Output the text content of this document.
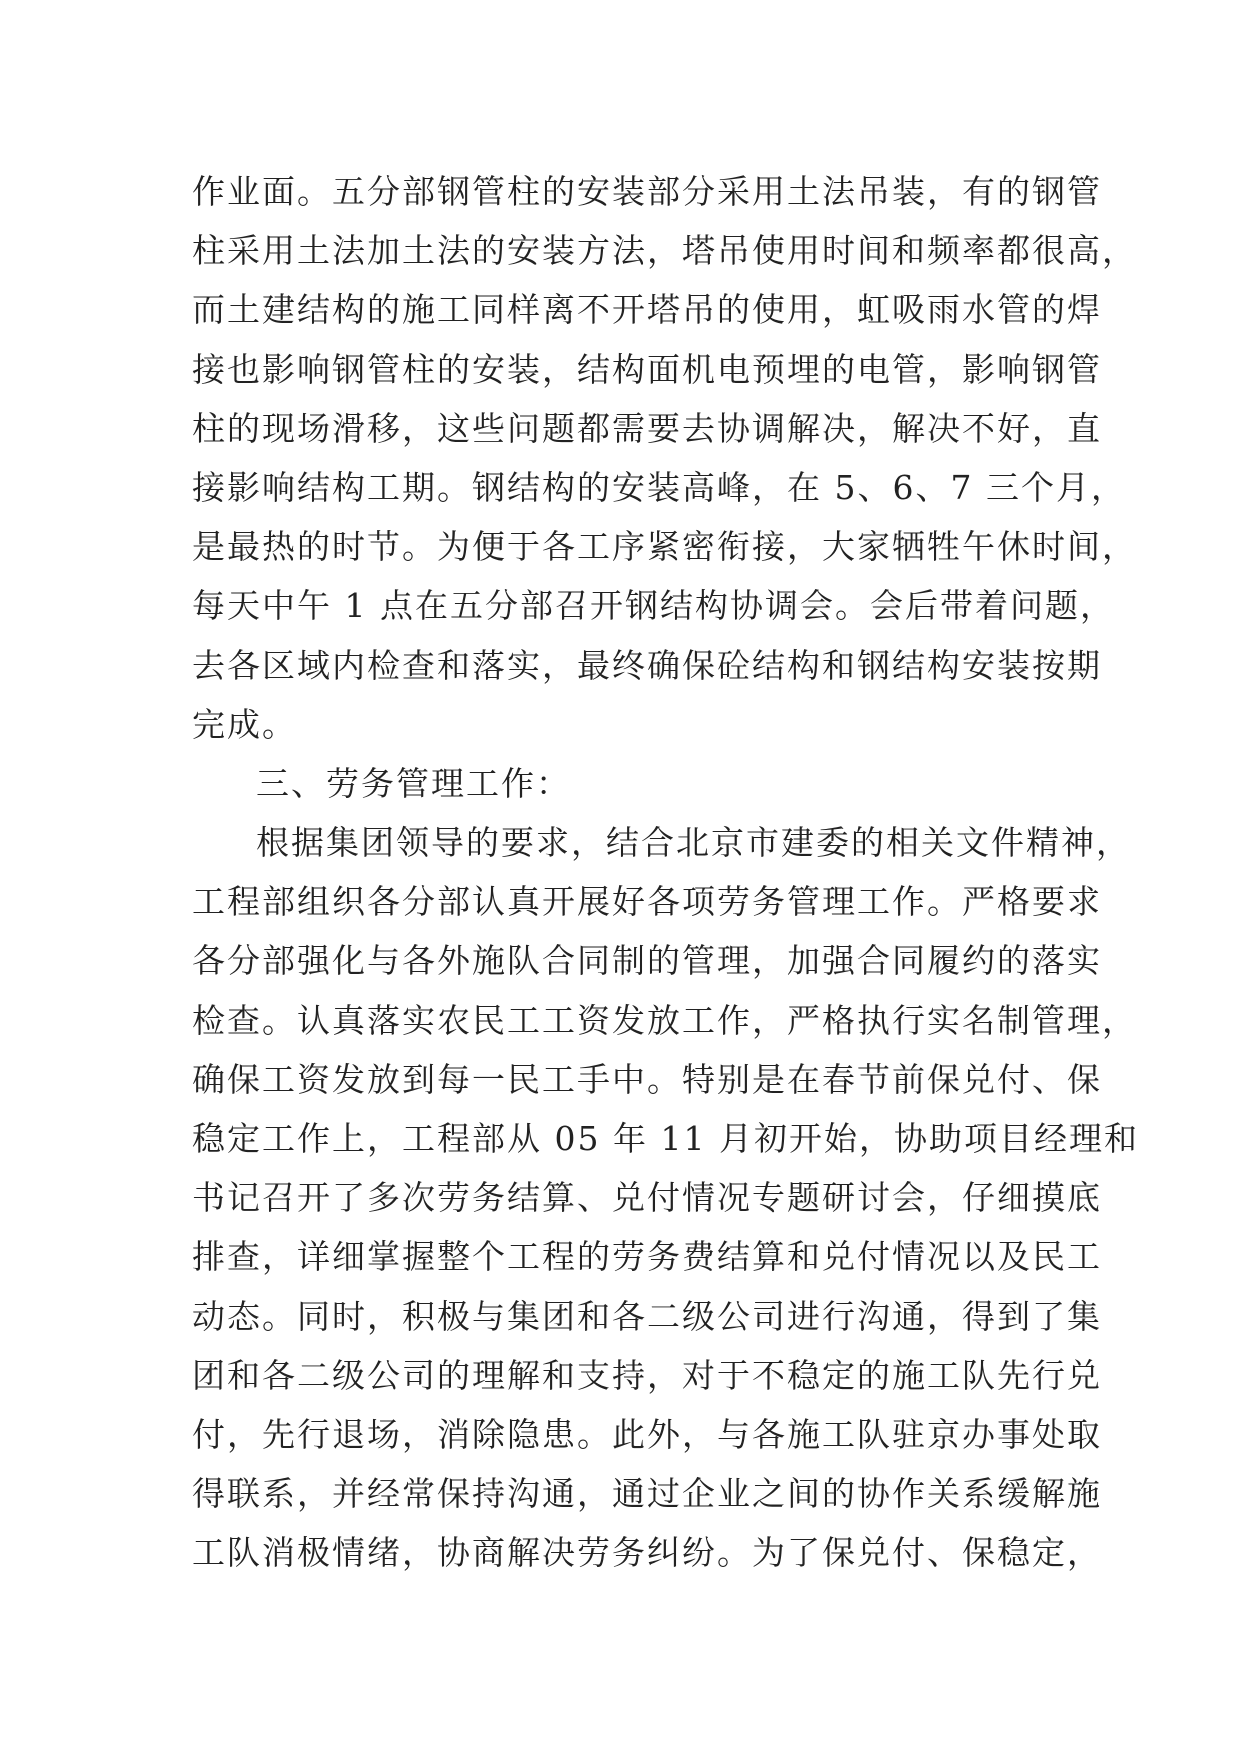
作业面。五分部钢管柱的安装部分采用土法吊装，有的钢管
柱采用土法加土法的安装方法，塔吊使用时间和频率都很高，
而土建结构的施工同样离不开塔吊的使用，虹吸雨水管的焊
接也影响钢管柱的安装，结构面机电预埋的电管，影响钢管
柱的现场滑移，这些问题都需要去协调解决，解决不好，直
接影响结构工期。钢结构的安装高峰，在 5、6、7 三个月，
是最热的时节。为便于各工序紧密衔接，大家牺牲午休时间，
每天中午 1 点在五分部召开钢结构协调会。会后带着问题，
去各区域内检查和落实，最终确保砼结构和钢结构安装按期
完成。
三、劳务管理工作：
根据集团领导的要求，结合北京市建委的相关文件精神，
工程部组织各分部认真开展好各项劳务管理工作。严格要求
各分部强化与各外施队合同制的管理，加强合同履约的落实
检查。认真落实农民工工资发放工作，严格执行实名制管理，
确保工资发放到每一民工手中。特别是在春节前保兑付、保
稳定工作上，工程部从 05 年 11 月初开始，协助项目经理和
书记召开了多次劳务结算、兑付情况专题研讨会，仔细摸底
排查，详细掌握整个工程的劳务费结算和兑付情况以及民工
动态。同时，积极与集团和各二级公司进行沟通，得到了集
团和各二级公司的理解和支持，对于不稳定的施工队先行兑
付，先行退场，消除隐患。此外，与各施工队驻京办事处取
得联系，并经常保持沟通，通过企业之间的协作关系缓解施
工队消极情绪，协商解决劳务纠纷。为了保兑付、保稳定，
